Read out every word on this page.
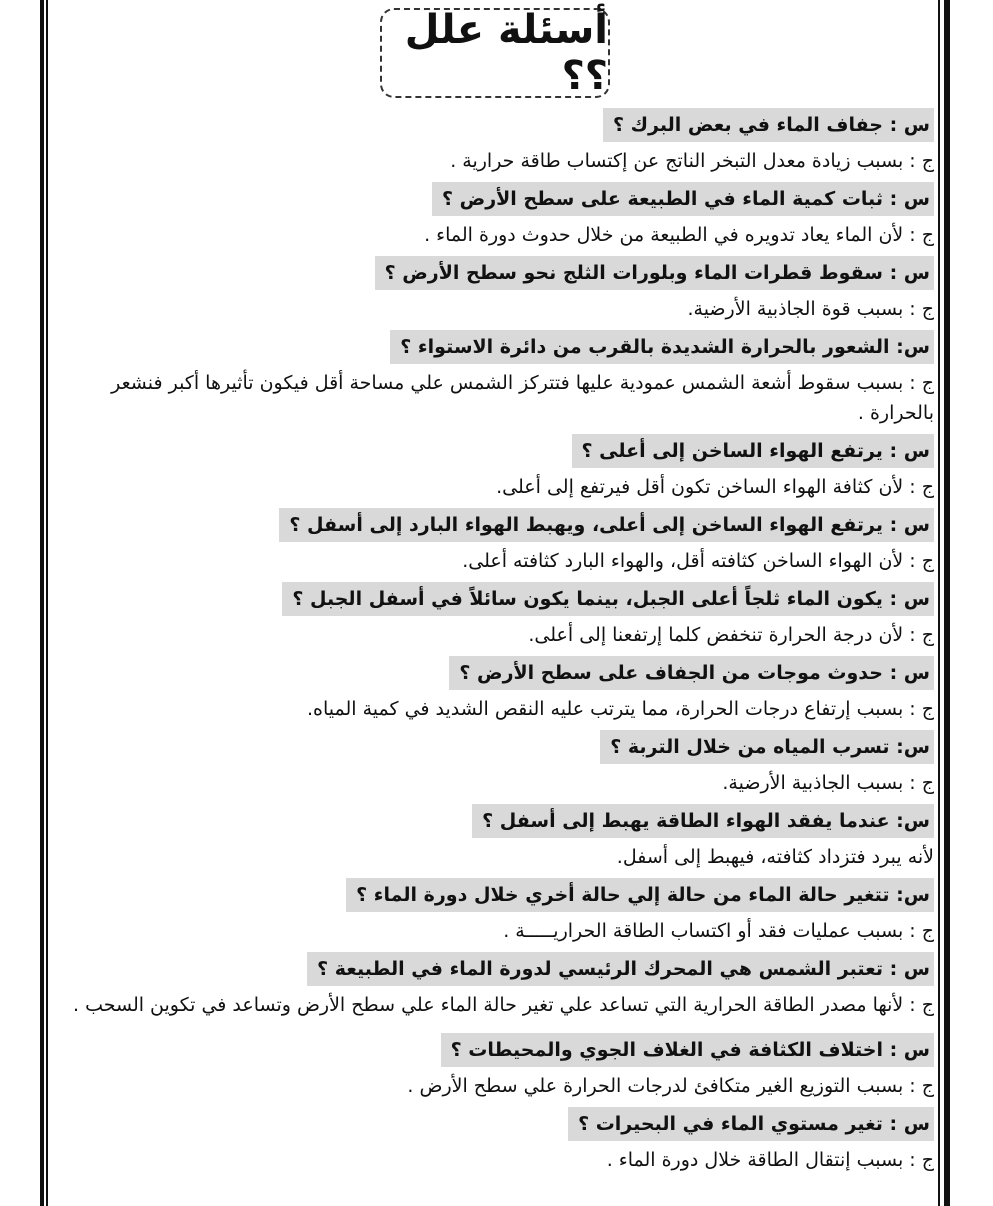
أسئلة علل ؟؟
س : جفاف الماء في بعض البرك ؟
ج : بسبب زيادة معدل التبخر الناتج عن إكتساب طاقة حرارية .
س : ثبات كمية الماء في الطبيعة على سطح الأرض ؟
ج : لأن الماء يعاد تدويره في الطبيعة من خلال حدوث دورة الماء .
س : سقوط قطرات الماء وبلورات الثلج نحو سطح الأرض ؟
ج : بسبب قوة الجاذبية الأرضية.
س: الشعور بالحرارة الشديدة بالقرب من دائرة الاستواء ؟
ج : بسبب سقوط أشعة الشمس عمودية عليها فتتركز الشمس علي مساحة أقل فيكون تأثيرها أكبر فنشعر بالحرارة .
س : يرتفع الهواء الساخن إلى أعلى ؟
ج : لأن كثافة الهواء الساخن تكون أقل فيرتفع إلى أعلى.
س : يرتفع الهواء الساخن إلى أعلى، ويهبط الهواء البارد إلى أسفل ؟
ج : لأن الهواء الساخن كثافته أقل، والهواء البارد كثافته أعلى.
س : يكون الماء ثلجاً أعلى الجبل، بينما يكون سائلاً في أسفل الجبل ؟
ج : لأن درجة الحرارة تنخفض كلما إرتفعنا إلى أعلى.
س : حدوث موجات من الجفاف على سطح الأرض ؟
ج : بسبب إرتفاع درجات الحرارة، مما يترتب عليه النقص الشديد في كمية المياه.
س: تسرب المياه من خلال التربة ؟
ج : بسبب الجاذبية الأرضية.
س: عندما يفقد الهواء الطاقة يهبط إلى أسفل ؟
لأنه يبرد فتزداد كثافته، فيهبط إلى أسفل.
س: تتغير حالة الماء من حالة إلي حالة أخري خلال دورة الماء ؟
ج : بسبب عمليات فقد أو اكتساب الطاقة الحراريـــــة .
س : تعتبر الشمس هي المحرك الرئيسي لدورة الماء في الطبيعة ؟
ج : لأنها مصدر الطاقة الحرارية التي تساعد علي تغير حالة الماء علي سطح الأرض وتساعد في تكوين السحب .
س : اختلاف الكثافة في الغلاف الجوي والمحيطات ؟
ج : بسبب التوزيع الغير متكافئ لدرجات الحرارة علي سطح الأرض .
س : تغير مستوي الماء في البحيرات ؟
ج : بسبب إنتقال الطاقة خلال دورة الماء .
